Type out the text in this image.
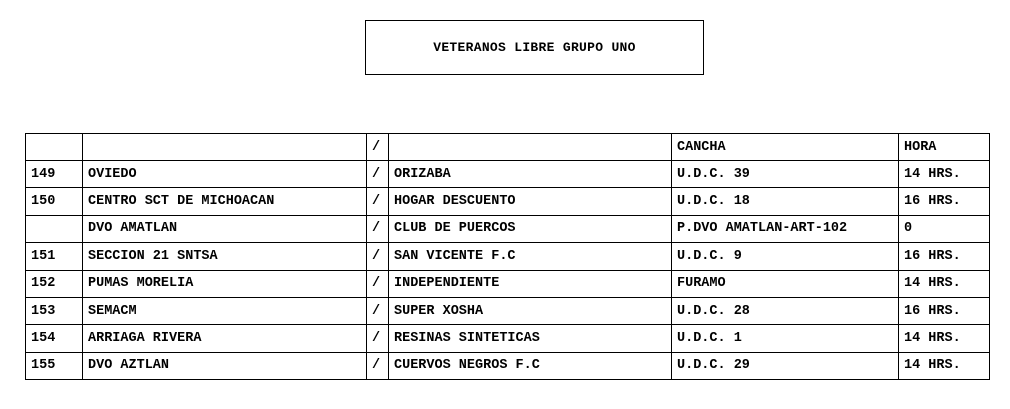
VETERANOS LIBRE GRUPO UNO
		/		CANCHA	HORA
149	OVIEDO	/	ORIZABA	U.D.C. 39	14 HRS.
150	CENTRO SCT DE MICHOACAN	/	HOGAR DESCUENTO	U.D.C. 18	16 HRS.
	DVO AMATLAN	/	CLUB DE PUERCOS	P.DVO AMATLAN-ART-102	0
151	SECCION 21 SNTSA	/	SAN VICENTE F.C	U.D.C. 9	16 HRS.
152	PUMAS MORELIA	/	INDEPENDIENTE	FURAMO	14 HRS.
153	SEMACM	/	SUPER XOSHA	U.D.C. 28	16 HRS.
154	ARRIAGA RIVERA	/	RESINAS SINTETICAS	U.D.C. 1	14 HRS.
155	DVO AZTLAN	/	CUERVOS NEGROS F.C	U.D.C. 29	14 HRS.
